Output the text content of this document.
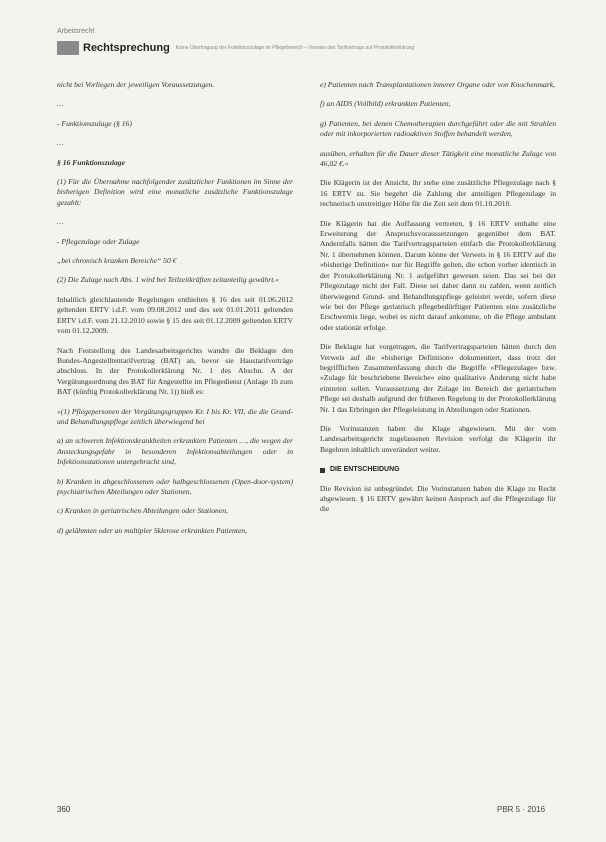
Arbeitsrecht
Rechtsprechung Keine Übertragung der Funktionszulage im Pflegebereich – Verweis des Tarifvertrags auf Protokollerklärung

nicht bei Vorliegen der jeweiligen Voraussetzungen.

…

- Funktionszulage (§ 16)

…

§ 16 Funktionszulage

(1) Für die Übernahme nachfolgender zusätzlicher Funktionen im Sinne der bisherigen Definition wird eine monatliche zusätzliche Funktionszulage gezahlt:

…

- Pflegezulage oder Zulage

„bei chronisch kranken Bereiche“ 50 €

(2) Die Zulage nach Abs. 1 wird bei Teilzeitkräften zeitanteilig gewährt.«

Inhaltlich gleichlautende Regelungen enthielten § 16 des seit 01.06.2012 geltenden ERTV i.d.F. vom 09.08.2012 und des seit 01.01.2011 geltenden ERTV i.d.F. vom 21.12.2010 sowie § 15 des seit 01.12.2009 geltenden ERTV vom 01.12.2009.

Nach Feststellung des Landesarbeitsgerichts wandte die Beklagte den Bundes-Angestelltentarifvertrag (BAT) an, bevor sie Haustarifverträge abschloss. In der Protokollerklärung Nr. 1 des Abschn. A der Vergütungsordnung des BAT für Angestellte im Pflegedienst (Anlage 1b zum BAT (künftig Protokollerklärung Nr. 1)) hieß es:

»(1) Pflegepersonen der Vergütungsgruppen Kr. I bis Kr. VII, die die Grund- und Behandlungspflege zeitlich überwiegend bei

a) an schweren Infektionskrankheiten erkrankten Patienten …, die wegen der Ansteckungsgefahr in besonderen Infektionsabteilungen oder in Infektionsstationen untergebracht sind,

b) Kranken in abgeschlossenen oder halbgeschlossenen (Open-door-system) psychiatrischen Abteilungen oder Stationen,

c) Kranken in geriatrischen Abteilungen oder Stationen,

d) gelähmten oder an multipler Sklerose erkrankten Patienten,

e) Patienten nach Transplantationen innerer Organe oder von Knochenmark,

f) an AIDS (Vollbild) erkrankten Patienten,

g) Patienten, bei denen Chemotherapien durchgeführt oder die mit Strahlen oder mit inkorporierten radioaktiven Stoffen behandelt werden,

ausüben, erhalten für die Dauer dieser Tätigkeit eine monatliche Zulage von 46,02 €.«

Die Klägerin ist der Ansicht, ihr stehe eine zusätzliche Pflegezulage nach § 16 ERTV zu. Sie begehrt die Zahlung der anteiligen Pflegezulage in rechnerisch unstreitiger Höhe für die Zeit seit dem 01.10.2010.

Die Klägerin hat die Auffassung vertreten, § 16 ERTV enthalte eine Erweiterung der Anspruchsvoraussetzungen gegenüber dem BAT. Andernfalls hätten die Tarifvertragsparteien einfach die Protokollerklärung Nr. 1 übernehmen können. Darum könne der Verweis in § 16 ERTV auf die »bisherige Definition« nur für Begriffe gelten, die schon vorher identisch in der Protokollerklärung Nr. 1 aufgeführt gewesen seien. Das sei bei der Pflegezulage nicht der Fall. Diese sei daher dann zu zahlen, wenn zeitlich überwiegend Grund- und Behandlungspflege geleistet werde, sofern diese wie bei der Pflege geriatrisch pflegebedürftiger Patienten eine zusätzliche Erschwernis liege, wobei es nicht darauf ankomme, ob die Pflege ambulant oder stationär erfolge.

Die Beklagte hat vorgetragen, die Tarifvertragsparteien hätten durch den Verweis auf die »bisherige Definition« dokumentiert, dass trotz der begrifflichen Zusammenfassung durch die Begriffe »Pflegezulage« bzw. »Zulage für beschriebene Bereiche« eine qualitative Änderung nicht habe eintreten sollen. Voraussetzung der Zulage im Bereich der geriatrischen Pflege sei deshalb aufgrund der früheren Regelung in der Protokollerklärung Nr. 1 das Erbringen der Pflegeleistung in Abteilungen oder Stationen.

Die Vorinstanzen haben die Klage abgewiesen. Mit der vom Landesarbeitsgericht zugelassenen Revision verfolgt die Klägerin ihr Begehren inhaltlich unverändert weiter.

DIE ENTSCHEIDUNG

Die Revision ist unbegründet. Die Vorinstanzen haben die Klage zu Recht abgewiesen. § 16 ERTV gewährt keinen Anspruch auf die Pflegezulage für die

360	PBR 5 · 2016
